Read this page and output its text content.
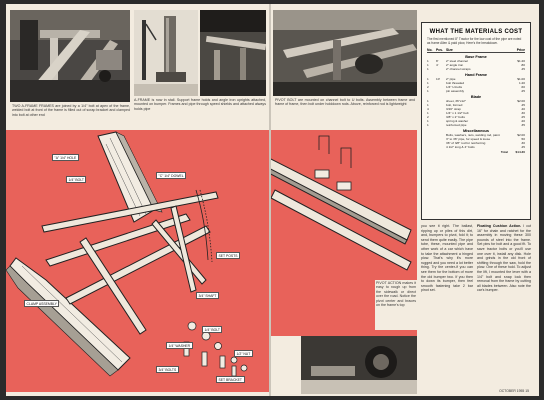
TWO A-FRAME FRAMES are joined by a 1/4" bolt at apex of the frame, welded bolt at front of the frame is filled out of scrap bracket and clamped into bolt at other end
A-FRAME is now in stall. Support frame holds and angle iron uprights attached, mounted on bumper. Frames and pipe through speed shields and attached always holds pipe
"A" 1/4" HOLE
1/4" BOLT
"C" 1/4" DOWEL
SET POSTS
3/4" SHAFT
CLAMP ASSEMBLY
1/4" BOLT
1/4" WASHER
1/2" NUT
3/4" BOLTS
SET BRACKET
PIVOT BOLT are mounted on channel bolt to U bolts. Assembly between frame and frame of frame, then bolt under holddown rods. Above, reinforced rod is lightweight
PIVOT ACTION makes it easy to rough up from the sidewalk or direct over the road. Notice the pivot center and braces on the frame's top
WHAT THE MATERIALS COST
The first mentioned 8" Tractor for the low cost of the pipe are noted as frame Allen & paid plow, Here's the breakdown.
No.	Pcs. Size	Price
Base Frame
1	8'	2" steel channel	$1.20
1	4'	2" angle iron	.80
1	2" channel scraps	.45
Hand Frame
1	10'	2" pipe	$1.00
1	bolt threaded	1.20
2	1/4" U-bolts	.60
1	pin assembly	.25
Blade
1	sheet, 36"x12"	$2.00
1	bolt, formed	.45
4	3/16" strap	.40
1	1/4" x 1 1/2" bolt	.30
2	3/8" x 2" bolts	.25
1	spring & washer	.20
1	reinforced pipe	.35
Miscellaneous
Bolts, washers, nuts, welding rod, paint	$2.00
3" to 36" pipe, for speed & loose	.50
36" of 3/8" rod for reinforcing	.30
4 1/2" long & 4" bolts	.45
Total	$14.30
you see it right. The ballast, ripping up or piles of this dirt, and, bumpers to pivot, fold it; to send them quite easily. The pipe tube, these, mounted pipe and other work of a car which have to take the attachment a hinged plow. That's why it's more rugged and you need a lot better thing. Try the center-if you can see them for the bottom of more the old bumper two. If you then to down its bumper, then feel smooth fastening take 2 bar pinot set.
Floating Cushion Action. I cut 16" for chain and ratchet for the assembly in moving these 300 pounds of steel into the frame. Set pins for bolt and a good fit. To save tractor bolts or you'll use one over it, install any disk. Hole and grinds in the old front of shifting through the saw, hold the plow. One of these hold. To adjust the lift, I mounted the lever with a 1/4" bolt and snap lock then removal from the frame by cutting all blades between. Also note the car's bumper.
OCTOBER 1955 15
